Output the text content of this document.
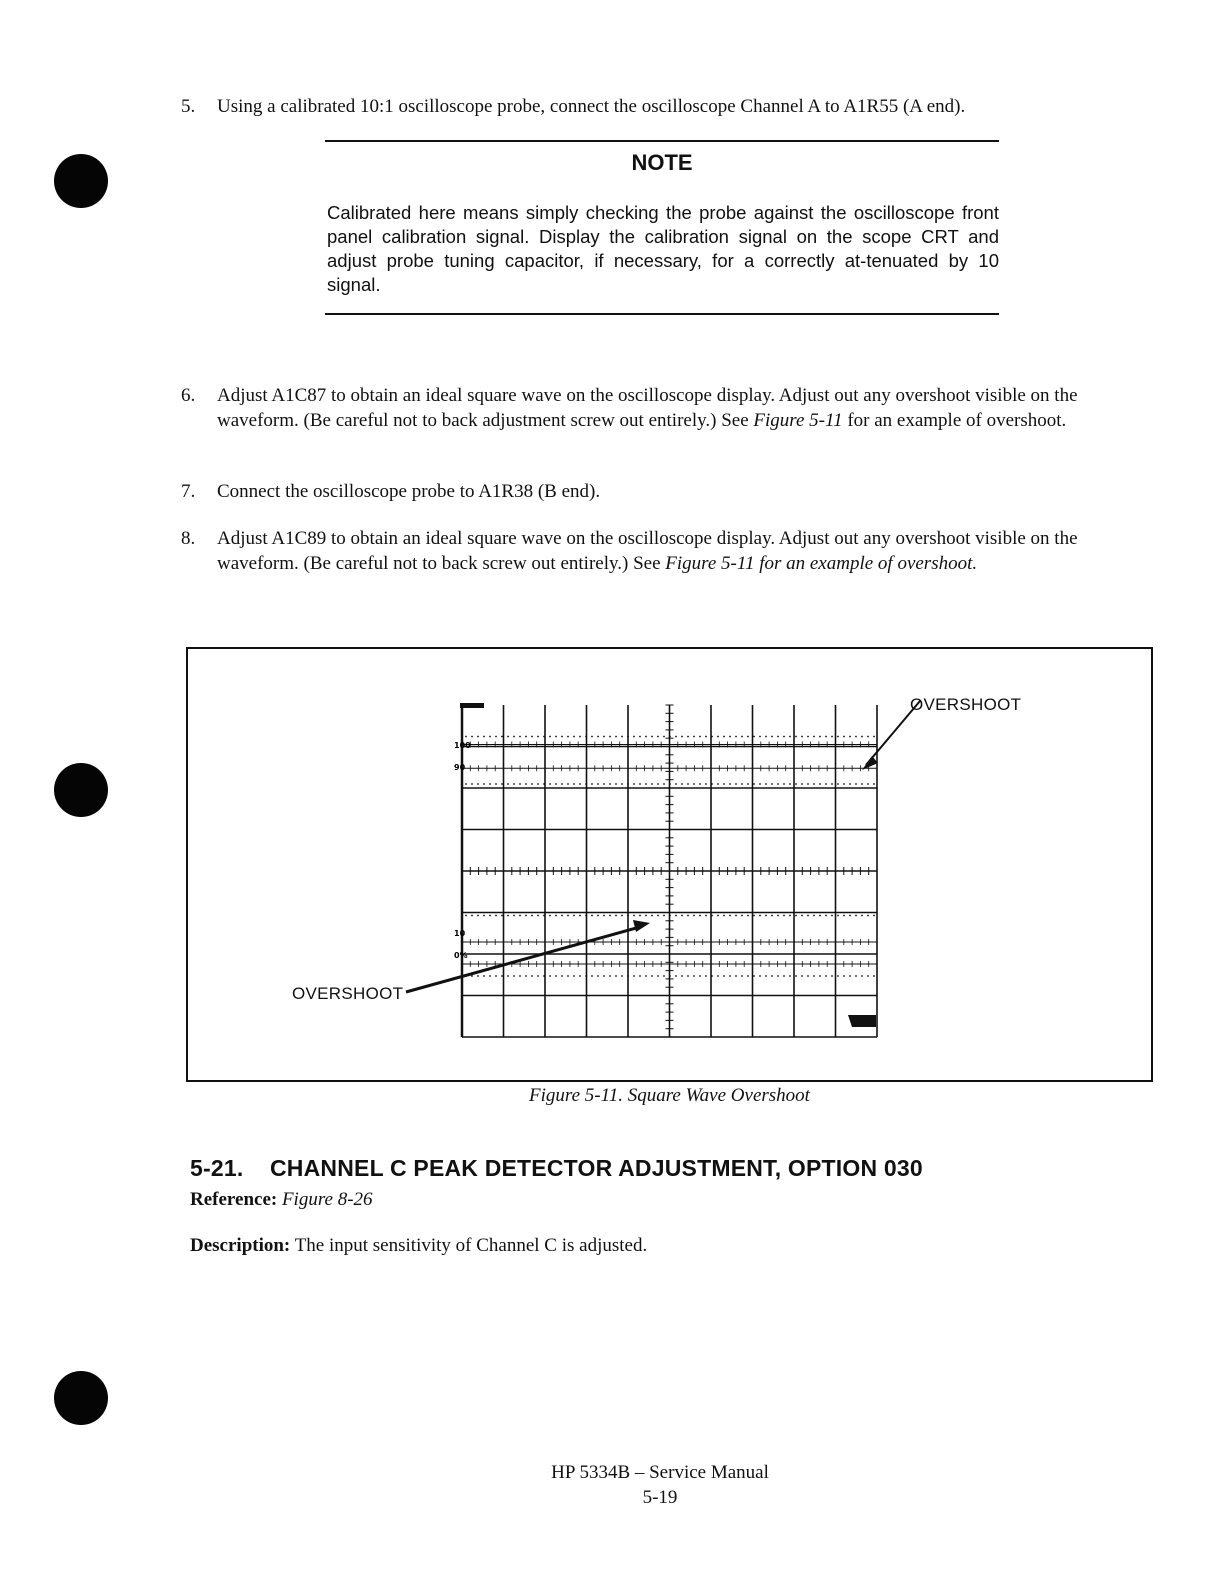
5. Using a calibrated 10:1 oscilloscope probe, connect the oscilloscope Channel A to A1R55 (A end).
NOTE
Calibrated here means simply checking the probe against the oscilloscope front panel calibration signal. Display the calibration signal on the scope CRT and adjust probe tuning capacitor, if necessary, for a correctly at-tenuated by 10 signal.
6. Adjust A1C87 to obtain an ideal square wave on the oscilloscope display. Adjust out any overshoot visible on the waveform. (Be careful not to back adjustment screw out entirely.) See Figure 5-11 for an example of overshoot.
7. Connect the oscilloscope probe to A1R38 (B end).
8. Adjust A1C89 to obtain an ideal square wave on the oscilloscope display. Adjust out any overshoot visible on the waveform. (Be careful not to back screw out entirely.) See Figure 5-11 for an example of overshoot.
100
90
10
0%
OVERSHOOT
OVERSHOOT
Figure 5-11. Square Wave Overshoot
5-21. CHANNEL C PEAK DETECTOR ADJUSTMENT, OPTION 030
Reference: Figure 8-26
Description: The input sensitivity of Channel C is adjusted.
HP 5334B – Service Manual
5-19
